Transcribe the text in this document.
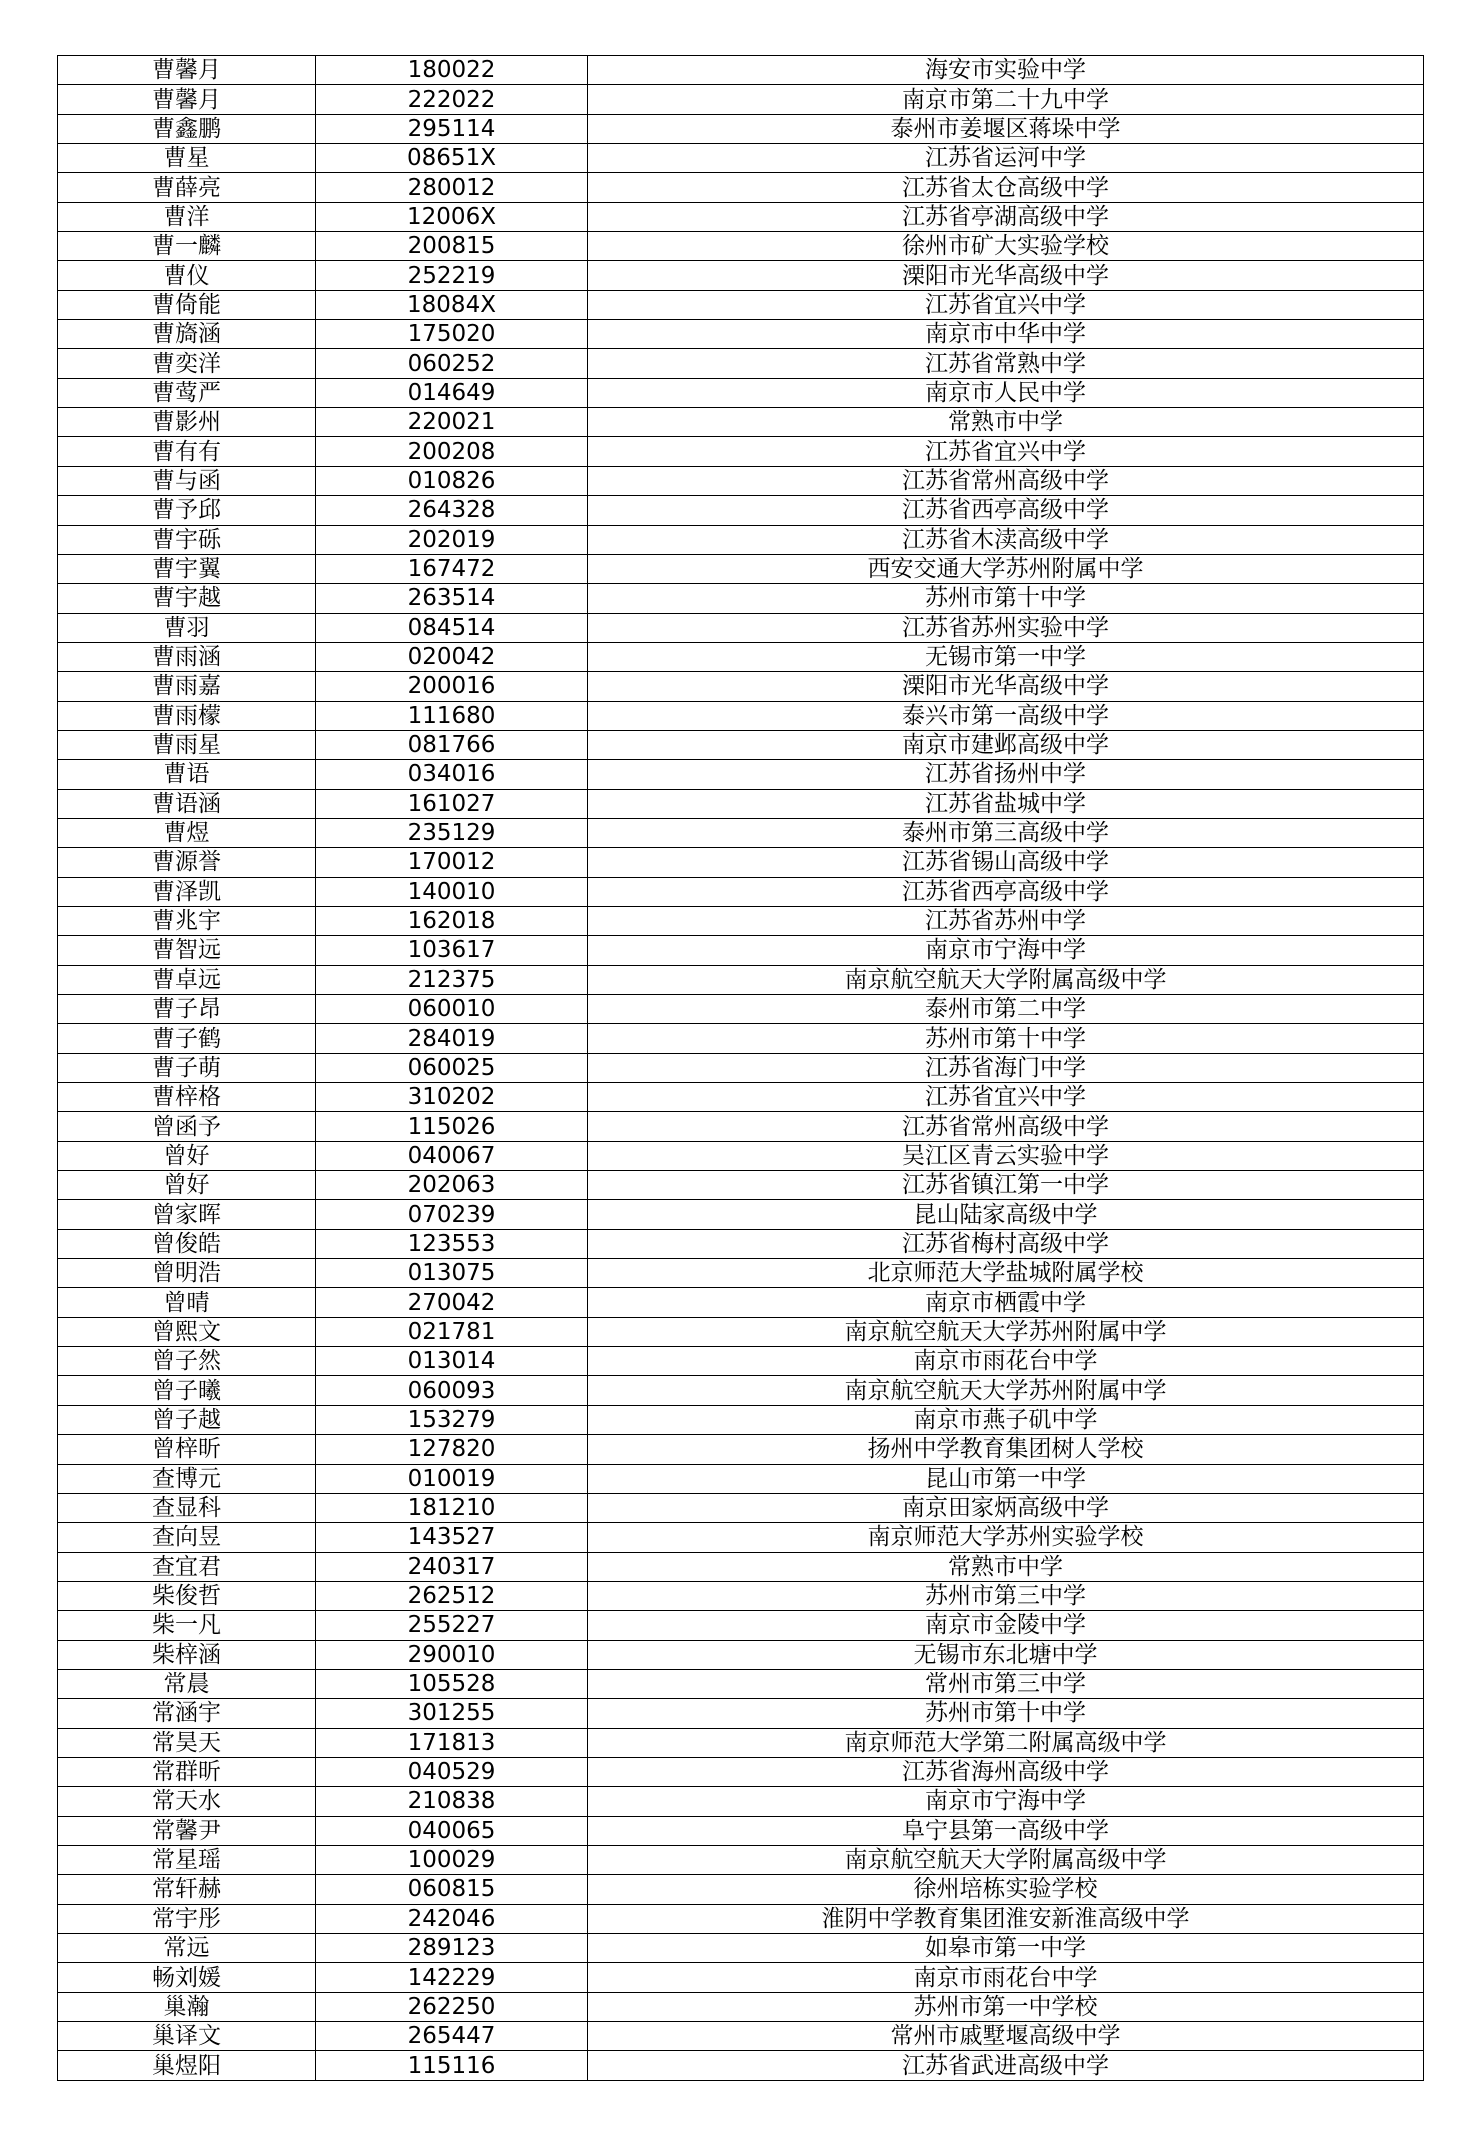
曹馨月	180022	海安市实验中学
曹馨月	222022	南京市第二十九中学
曹鑫鹏	295114	泰州市姜堰区蒋垛中学
曹星	08651X	江苏省运河中学
曹薛亮	280012	江苏省太仓高级中学
曹洋	12006X	江苏省亭湖高级中学
曹一麟	200815	徐州市矿大实验学校
曹仪	252219	溧阳市光华高级中学
曹倚能	18084X	江苏省宜兴中学
曹旖涵	175020	南京市中华中学
曹奕洋	060252	江苏省常熟中学
曹莺严	014649	南京市人民中学
曹影州	220021	常熟市中学
曹有有	200208	江苏省宜兴中学
曹与函	010826	江苏省常州高级中学
曹予邱	264328	江苏省西亭高级中学
曹宇砾	202019	江苏省木渎高级中学
曹宇翼	167472	西安交通大学苏州附属中学
曹宇越	263514	苏州市第十中学
曹羽	084514	江苏省苏州实验中学
曹雨涵	020042	无锡市第一中学
曹雨嘉	200016	溧阳市光华高级中学
曹雨檬	111680	泰兴市第一高级中学
曹雨星	081766	南京市建邺高级中学
曹语	034016	江苏省扬州中学
曹语涵	161027	江苏省盐城中学
曹煜	235129	泰州市第三高级中学
曹源誉	170012	江苏省锡山高级中学
曹泽凯	140010	江苏省西亭高级中学
曹兆宇	162018	江苏省苏州中学
曹智远	103617	南京市宁海中学
曹卓远	212375	南京航空航天大学附属高级中学
曹子昂	060010	泰州市第二中学
曹子鹤	284019	苏州市第十中学
曹子萌	060025	江苏省海门中学
曹梓格	310202	江苏省宜兴中学
曾函予	115026	江苏省常州高级中学
曾好	040067	吴江区青云实验中学
曾好	202063	江苏省镇江第一中学
曾家晖	070239	昆山陆家高级中学
曾俊皓	123553	江苏省梅村高级中学
曾明浩	013075	北京师范大学盐城附属学校
曾晴	270042	南京市栖霞中学
曾熙文	021781	南京航空航天大学苏州附属中学
曾子然	013014	南京市雨花台中学
曾子曦	060093	南京航空航天大学苏州附属中学
曾子越	153279	南京市燕子矶中学
曾梓昕	127820	扬州中学教育集团树人学校
查博元	010019	昆山市第一中学
查显科	181210	南京田家炳高级中学
查向昱	143527	南京师范大学苏州实验学校
查宜君	240317	常熟市中学
柴俊哲	262512	苏州市第三中学
柴一凡	255227	南京市金陵中学
柴梓涵	290010	无锡市东北塘中学
常晨	105528	常州市第三中学
常涵宇	301255	苏州市第十中学
常昊天	171813	南京师范大学第二附属高级中学
常群昕	040529	江苏省海州高级中学
常天水	210838	南京市宁海中学
常馨尹	040065	阜宁县第一高级中学
常星瑶	100029	南京航空航天大学附属高级中学
常轩赫	060815	徐州培栋实验学校
常宇彤	242046	淮阴中学教育集团淮安新淮高级中学
常远	289123	如皋市第一中学
畅刘媛	142229	南京市雨花台中学
巢瀚	262250	苏州市第一中学校
巢译文	265447	常州市戚墅堰高级中学
巢煜阳	115116	江苏省武进高级中学
